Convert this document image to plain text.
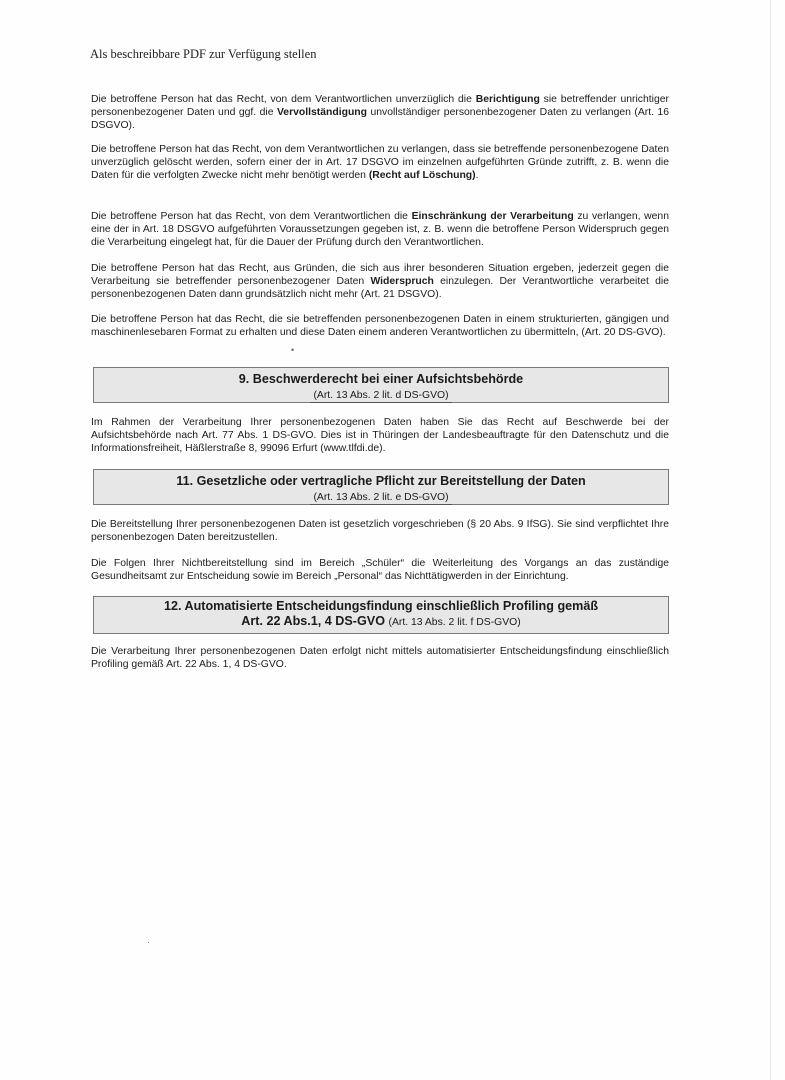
Als beschreibbare PDF zur Verfügung stellen
Die betroffene Person hat das Recht, von dem Verantwortlichen unverzüglich die Berichtigung sie betreffender unrichtiger personenbezogener Daten und ggf. die Vervollständigung unvollständiger personenbezogener Daten zu verlangen (Art. 16 DSGVO).
Die betroffene Person hat das Recht, von dem Verantwortlichen zu verlangen, dass sie betreffende personenbezogene Daten unverzüglich gelöscht werden, sofern einer der in Art. 17 DSGVO im einzelnen aufgeführten Gründe zutrifft, z. B. wenn die Daten für die verfolgten Zwecke nicht mehr benötigt werden (Recht auf Löschung).
Die betroffene Person hat das Recht, von dem Verantwortlichen die Einschränkung der Verarbeitung zu verlangen, wenn eine der in Art. 18 DSGVO aufgeführten Voraussetzungen gegeben ist, z. B. wenn die betroffene Person Widerspruch gegen die Verarbeitung eingelegt hat, für die Dauer der Prüfung durch den Verantwortlichen.
Die betroffene Person hat das Recht, aus Gründen, die sich aus ihrer besonderen Situation ergeben, jederzeit gegen die Verarbeitung sie betreffender personenbezogener Daten Widerspruch einzulegen. Der Verantwortliche verarbeitet die personenbezogenen Daten dann grundsätzlich nicht mehr (Art. 21 DSGVO).
Die betroffene Person hat das Recht, die sie betreffenden personenbezogenen Daten in einem strukturierten, gängigen und maschinenlesebaren Format zu erhalten und diese Daten einem anderen Verantwortlichen zu übermitteln, (Art. 20 DS-GVO).
•
9. Beschwerderecht bei einer Aufsichtsbehörde
(Art. 13 Abs. 2 lit. d DS-GVO)
Im Rahmen der Verarbeitung Ihrer personenbezogenen Daten haben Sie das Recht auf Beschwerde bei der Aufsichtsbehörde nach Art. 77 Abs. 1 DS-GVO. Dies ist in Thüringen der Landesbeauftragte für den Datenschutz und die Informationsfreiheit, Häßlerstraße 8, 99096 Erfurt (www.tlfdi.de).
11. Gesetzliche oder vertragliche Pflicht zur Bereitstellung der Daten
(Art. 13 Abs. 2 lit. e DS-GVO)
Die Bereitstellung Ihrer personenbezogenen Daten ist gesetzlich vorgeschrieben (§ 20 Abs. 9 IfSG). Sie sind verpflichtet Ihre personenbezogen Daten bereitzustellen.
Die Folgen Ihrer Nichtbereitstellung sind im Bereich „Schüler“ die Weiterleitung des Vorgangs an das zuständige Gesundheitsamt zur Entscheidung sowie im Bereich „Personal“ das Nichttätigwerden in der Einrichtung.
12. Automatisierte Entscheidungsfindung einschließlich Profiling gemäß
Art. 22 Abs.1, 4 DS-GVO (Art. 13 Abs. 2 lit. f DS-GVO)
Die Verarbeitung Ihrer personenbezogenen Daten erfolgt nicht mittels automatisierter Entscheidungsfindung einschließlich Profiling gemäß Art. 22 Abs. 1, 4 DS-GVO.
·
